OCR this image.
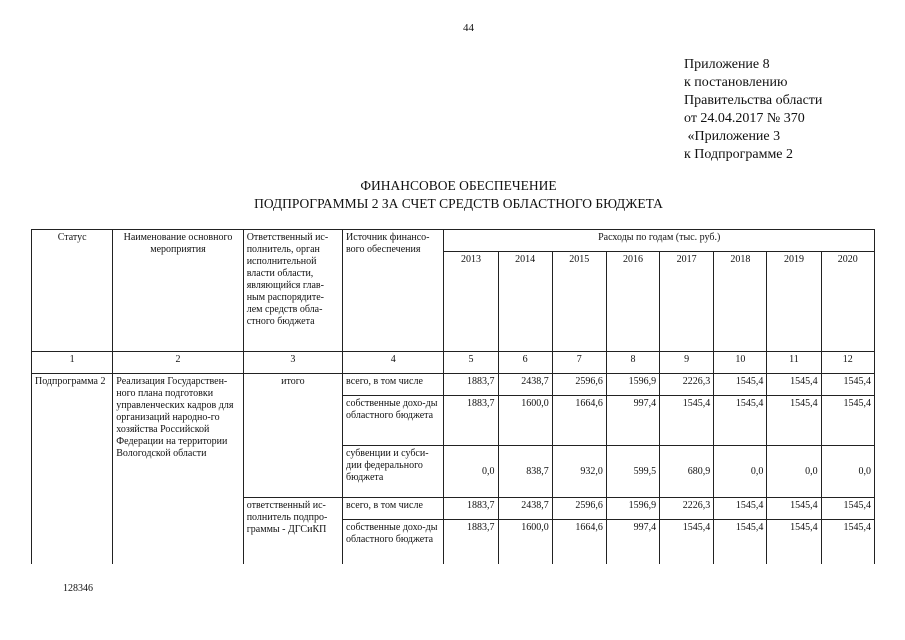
44
Приложение 8
к постановлению
Правительства области
от 24.04.2017 № 370
«Приложение 3
к Подпрограмме 2
ФИНАНСОВОЕ ОБЕСПЕЧЕНИЕ
ПОДПРОГРАММЫ 2 ЗА СЧЕТ СРЕДСТВ ОБЛАСТНОГО БЮДЖЕТА
Статус	Наименование основного мероприятия	Ответственный ис-полнитель, орган исполнительной власти области, являющийся глав-ным распорядите-лем средств обла-стного бюджета	Источник финансо-вого обеспечения	Расходы по годам (тыс. руб.)							
				2013	2014	2015	2016	2017	2018	2019	2020
1	2	3	4	5	6	7	8	9	10	11	12
Подпрограмма 2	Реализация Государствен-ного плана подготовки управленческих кадров для организаций народно-го хозяйства Российской Федерации на территории Вологодской области	итого	всего, в том числе	1883,7	2438,7	2596,6	1596,9	2226,3	1545,4	1545,4	1545,4
			собственные дохо-ды областного бюджета	1883,7	1600,0	1664,6	997,4	1545,4	1545,4	1545,4	1545,4
			субвенции и субси-дии федерального бюджета	0,0	838,7	932,0	599,5	680,9	0,0	0,0	0,0
		ответственный ис-полнитель подпро-граммы - ДГСиКП	всего, в том числе	1883,7	2438,7	2596,6	1596,9	2226,3	1545,4	1545,4	1545,4
			собственные дохо-ды областного бюджета	1883,7	1600,0	1664,6	997,4	1545,4	1545,4	1545,4	1545,4
128346
